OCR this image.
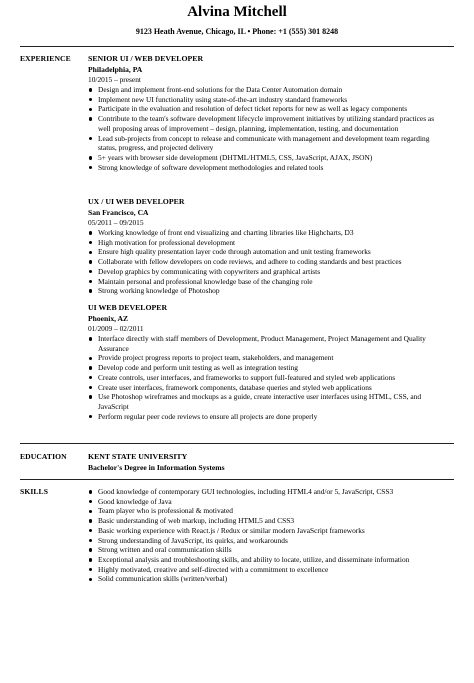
Alvina Mitchell
9123 Heath Avenue, Chicago, IL • Phone: +1 (555) 301 8248
EXPERIENCE SENIOR UI / WEB DEVELOPER
Philadelphia, PA
10/2015 – present
Design and implement front-end solutions for the Data Center Automation domain
Implement new UI functionality using state-of-the-art industry standard frameworks
Participate in the evaluation and resolution of defect ticket reports for new as well as legacy components
Contribute to the team's software development lifecycle improvement initiatives by utilizing standard practices as well proposing areas of improvement – design, planning, implementation, testing, and documentation
Lead sub-projects from concept to release and communicate with management and development team regarding status, progress, and projected delivery
5+ years with browser side development (DHTML/HTML5, CSS, JavaScript, AJAX, JSON)
Strong knowledge of software development methodologies and related tools
UX / UI WEB DEVELOPER
San Francisco, CA
05/2011 – 09/2015
Working knowledge of front end visualizing and charting libraries like Highcharts, D3
High motivation for professional development
Ensure high quality presentation layer code through automation and unit testing frameworks
Collaborate with fellow developers on code reviews, and adhere to coding standards and best practices
Develop graphics by communicating with copywriters and graphical artists
Maintain personal and professional knowledge base of the changing role
Strong working knowledge of Photoshop
UI WEB DEVELOPER
Phoenix, AZ
01/2009 – 02/2011
Interface directly with staff members of Development, Product Management, Project Management and Quality Assurance
Provide project progress reports to project team, stakeholders, and management
Develop code and perform unit testing as well as integration testing
Create controls, user interfaces, and frameworks to support full-featured and styled web applications
Create user interfaces, framework components, database queries and styled web applications
Use Photoshop wireframes and mockups as a guide, create interactive user interfaces using HTML, CSS, and JavaScript
Perform regular peer code reviews to ensure all projects are done properly
EDUCATION	KENT STATE UNIVERSITY
Bachelor's Degree in Information Systems
SKILLS	Good knowledge of contemporary GUI technologies, including HTML4 and/or 5, JavaScript, CSS3
Good knowledge of Java
Team player who is professional & motivated
Basic understanding of web markup, including HTML5 and CSS3
Basic working experience with React.js / Redux or similar modern JavaScript frameworks
Strong understanding of JavaScript, its quirks, and workarounds
Strong written and oral communication skills
Exceptional analysis and troubleshooting skills, and ability to locate, utilize, and disseminate information
Highly motivated, creative and self-directed with a commitment to excellence
Solid communication skills (written/verbal)
